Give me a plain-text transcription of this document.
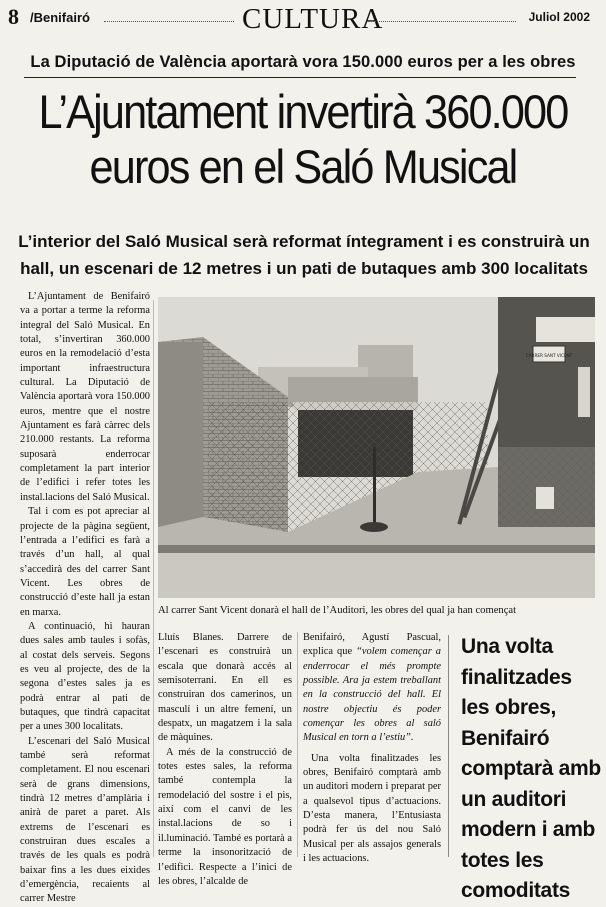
8 /Benifairó	CULTURA	Juliol 2002
La Diputació de València aportarà vora 150.000 euros per a les obres
L’Ajuntament invertirà 360.000
euros en el Saló Musical
L’interior del Saló Musical serà reformat íntegrament i es construirà un hall, un escenari de 12 metres i un pati de butaques amb 300 localitats

L’Ajuntament de Benifairó va a portar a terme la reforma integral del Saló Musical. En total, s’invertiran 360.000 euros en la remodelació d’esta important infraestructura cultural. La Diputació de València aportarà vora 150.000 euros, mentre que el nostre Ajuntament es farà càrrec dels 210.000 restants. La reforma suposarà enderrocar completament la part interior de l’edifici i refer totes les instal.lacions del Saló Musical.

Tal i com es pot apreciar al projecte de la pàgina següent, l’entrada a l’edifici es farà a través d’un hall, al qual s’accedirà des del carrer Sant Vicent. Les obres de construcció d’este hall ja estan en marxa.

A continuació, hi hauran dues sales amb taules i sofàs, al costat dels serveis. Segons es veu al projecte, des de la segona d’estes sales ja es podrà entrar al pati de butaques, que tindrà capacitat per a unes 300 localitats.

L’escenari del Saló Musical també serà reformat completament. El nou escenari serà de grans dimensions, tindrà 12 metres d’amplària i anirà de paret a paret. Als extrems de l’escenari es construiran dues escales a través de les quals es podrà baixar fins a les dues eixides d’emergència, recaients al carrer Mestre

CARRER SANT VICENT
Al carrer Sant Vicent donarà el hall de l’Auditori, les obres del qual ja han començat

Lluís Blanes. Darrere de l’escenari es construirà un escala que donarà accés al semisoterrani. En ell es construiran dos camerinos, un masculí i un altre femení, un despatx, un magatzem i la sala de màquines.

A més de la construcció de totes estes sales, la reforma també contempla la remodelació del sostre i el pis, així com el canvi de les instal.lacions de so i il.luminació. També es portarà a terme la insonorització de l’edifici. Respecte a l’inici de les obres, l’alcalde de

Benifairó, Agustí Pascual, explica que “volem començar a enderrocar el més prompte possible. Ara ja estem treballant en la construcció del hall. El nostre objectiu és poder començar les obres al saló Musical en torn a l’estiu”.

Una volta finalitzades les obres, Benifairó comptarà amb un auditori modern i preparat per a qualsevol tipus d’actuacions. D’esta manera, l’Entusiasta podrà fer ús del nou Saló Musical per als assajos generals i les actuacions.

Una volta finalitzades les obres, Benifairó comptarà amb un auditori modern i amb totes les comoditats
